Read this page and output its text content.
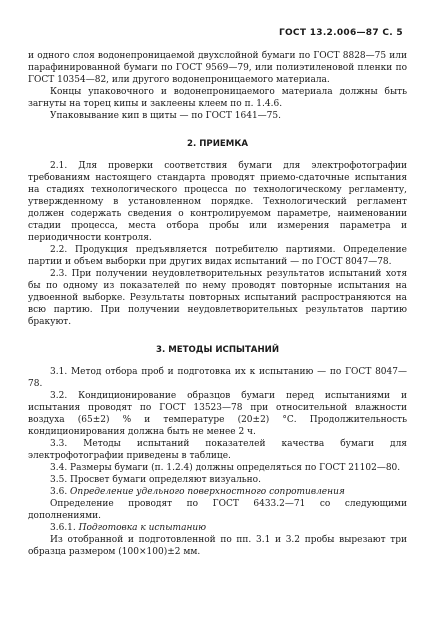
ГОСТ 13.2.006—87 С. 5

и одного слоя водонепроницаемой двухслойной бумаги по ГОСТ 8828—75 или парафинированной бумаги по ГОСТ 9569—79, или полиэтиленовой пленки по ГОСТ 10354—82, или другого водонепроницаемого материала.

Концы упаковочного и водонепроницаемого материала должны быть загнуты на торец кипы и заклеены клеем по п. 1.4.6.

Упаковывание кип в щиты — по ГОСТ 1641—75.

2. ПРИЕМКА

2.1. Для проверки соответствия бумаги для электрофотографии требованиям настоящего стандарта проводят приемо-сдаточные испытания на стадиях технологического процесса по технологическому регламенту, утвержденному в установленном порядке. Технологический регламент должен содержать сведения о контролируемом параметре, наименовании стадии процесса, места отбора пробы или измерения параметра и периодичности контроля.

2.2. Продукция предъявляется потребителю партиями. Определение партии и объем выборки при других видах испытаний — по ГОСТ 8047—78.

2.3. При получении неудовлетворительных результатов испытаний хотя бы по одному из показателей по нему проводят повторные испытания на удвоенной выборке. Результаты повторных испытаний распространяются на всю партию. При получении неудовлетворительных результатов партию бракуют.

3. МЕТОДЫ ИСПЫТАНИЙ

3.1. Метод отбора проб и подготовка их к испытанию — по ГОСТ 8047—78.

3.2. Кондиционирование образцов бумаги перед испытаниями и испытания проводят по ГОСТ 13523—78 при относительной влажности воздуха (65±2) % и температуре (20±2) °С. Продолжительность кондиционирования должна быть не менее 2 ч.

3.3. Методы испытаний показателей качества бумаги для электрофотографии приведены в таблице.

3.4. Размеры бумаги (п. 1.2.4) должны определяться по ГОСТ 21102—80.

3.5. Просвет бумаги определяют визуально.

3.6. Определение удельного поверхностного сопротивления

Определение проводят по ГОСТ 6433.2—71 со следующими дополнениями.

3.6.1. Подготовка к испытанию

Из отобранной и подготовленной по пп. 3.1 и 3.2 пробы вырезают три образца размером (100×100)±2 мм.
